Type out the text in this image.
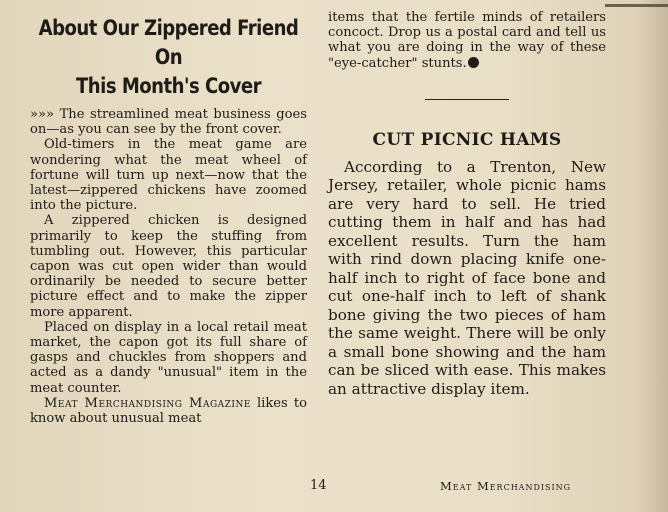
About Our Zippered Friend On
This Month's Cover

»»» The streamlined meat business goes on—as you can see by the front cover.

Old-timers in the meat game are wondering what the meat wheel of fortune will turn up next—now that the latest—zippered chickens have zoomed into the picture.

A zippered chicken is designed primarily to keep the stuffing from tumbling out. However, this particular capon was cut open wider than would ordinarily be needed to secure better picture effect and to make the zipper more apparent.

Placed on display in a local retail meat market, the capon got its full share of gasps and chuckles from shoppers and acted as a dandy "unusual" item in the meat counter.

Meat Merchandising Magazine likes to know about unusual meat

items that the fertile minds of retailers concoct. Drop us a postal card and tell us what you are doing in the way of these "eye-catcher" stunts.

CUT PICNIC HAMS

According to a Trenton, New Jersey, retailer, whole picnic hams are very hard to sell. He tried cutting them in half and has had excellent results. Turn the ham with rind down placing knife one-half inch to right of face bone and cut one-half inch to left of shank bone giving the two pieces of ham the same weight. There will be only a small bone showing and the ham can be sliced with ease. This makes an attractive display item.

14	Meat Merchandising
